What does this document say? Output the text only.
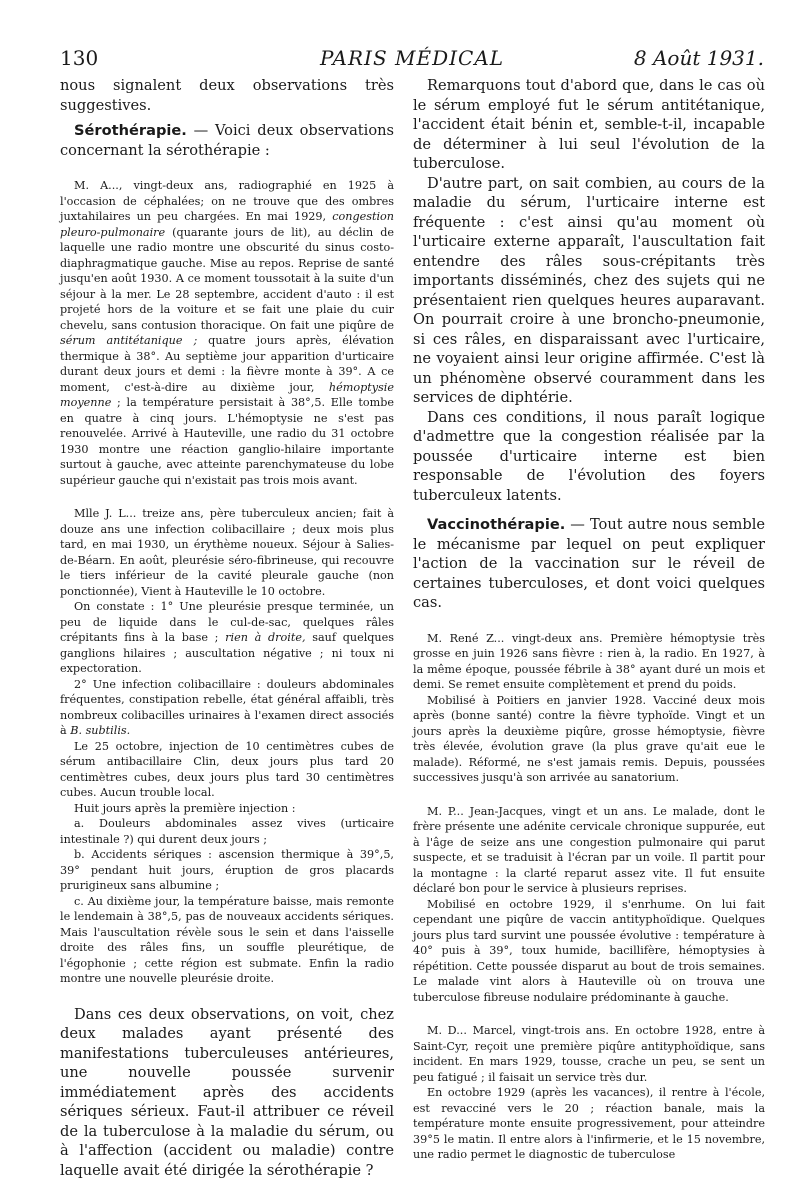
130	PARIS MÉDICAL	8 Août 1931.

nous signalent deux observations très suggestives.

Sérothérapie. — Voici deux observations concernant la sérothérapie :

M. A..., vingt-deux ans, radiographié en 1925 à l'occasion de céphalées; on ne trouve que des ombres juxtahilaires un peu chargées. En mai 1929, congestion pleuro-pulmonaire (quarante jours de lit), au déclin de laquelle une radio montre une obscurité du sinus costo-diaphragmatique gauche. Mise au repos. Reprise de santé jusqu'en août 1930. A ce moment toussotait à la suite d'un séjour à la mer. Le 28 septembre, accident d'auto : il est projeté hors de la voiture et se fait une plaie du cuir chevelu, sans contusion thoracique. On fait une piqûre de sérum antitétanique ; quatre jours après, élévation thermique à 38°. Au septième jour apparition d'urticaire durant deux jours et demi : la fièvre monte à 39°. A ce moment, c'est-à-dire au dixième jour, hémoptysie moyenne ; la température persistait à 38°,5. Elle tombe en quatre à cinq jours. L'hémoptysie ne s'est pas renouvelée. Arrivé à Hauteville, une radio du 31 octobre 1930 montre une réaction ganglio-hilaire importante surtout à gauche, avec atteinte parenchymateuse du lobe supérieur gauche qui n'existait pas trois mois avant.

Mlle J. L... treize ans, père tuberculeux ancien; fait à douze ans une infection colibacillaire ; deux mois plus tard, en mai 1930, un érythème noueux. Séjour à Salies-de-Béarn. En août, pleurésie séro-fibrineuse, qui recouvre le tiers inférieur de la cavité pleurale gauche (non ponctionnée), Vient à Hauteville le 10 octobre.

On constate : 1° Une pleurésie presque terminée, un peu de liquide dans le cul-de-sac, quelques râles crépitants fins à la base ; rien à droite, sauf quelques ganglions hilaires ; auscultation négative ; ni toux ni expectoration.

2° Une infection colibacillaire : douleurs abdominales fréquentes, constipation rebelle, état général affaibli, très nombreux colibacilles urinaires à l'examen direct associés à B. subtilis.

Le 25 octobre, injection de 10 centimètres cubes de sérum antibacillaire Clin, deux jours plus tard 20 centimètres cubes, deux jours plus tard 30 centimètres cubes. Aucun trouble local.

Huit jours après la première injection :

a. Douleurs abdominales assez vives (urticaire intestinale ?) qui durent deux jours ;

b. Accidents sériques : ascension thermique à 39°,5, 39° pendant huit jours, éruption de gros placards prurigineux sans albumine ;

c. Au dixième jour, la température baisse, mais remonte le lendemain à 38°,5, pas de nouveaux accidents sériques. Mais l'auscultation révèle sous le sein et dans l'aisselle droite des râles fins, un souffle pleurétique, de l'égophonie ; cette région est submate. Enfin la radio montre une nouvelle pleurésie droite.

Dans ces deux observations, on voit, chez deux malades ayant présenté des manifestations tuberculeuses antérieures, une nouvelle poussée survenir immédiatement après des accidents sériques sérieux. Faut-il attribuer ce réveil de la tuberculose à la maladie du sérum, ou à l'affection (accident ou maladie) contre laquelle avait été dirigée la sérothérapie ?

Remarquons tout d'abord que, dans le cas où le sérum employé fut le sérum antitétanique, l'accident était bénin et, semble-t-il, incapable de déterminer à lui seul l'évolution de la tuberculose.

D'autre part, on sait combien, au cours de la maladie du sérum, l'urticaire interne est fréquente : c'est ainsi qu'au moment où l'urticaire externe apparaît, l'auscultation fait entendre des râles sous-crépitants très importants disséminés, chez des sujets qui ne présentaient rien quelques heures auparavant. On pourrait croire à une broncho-pneumonie, si ces râles, en disparaissant avec l'urticaire, ne voyaient ainsi leur origine affirmée. C'est là un phénomène observé couramment dans les services de diphtérie.

Dans ces conditions, il nous paraît logique d'admettre que la congestion réalisée par la poussée d'urticaire interne est bien responsable de l'évolution des foyers tuberculeux latents.

Vaccinothérapie. — Tout autre nous semble le mécanisme par lequel on peut expliquer l'action de la vaccination sur le réveil de certaines tuberculoses, et dont voici quelques cas.

M. René Z... vingt-deux ans. Première hémoptysie très grosse en juin 1926 sans fièvre : rien à, la radio. En 1927, à la même époque, poussée fébrile à 38° ayant duré un mois et demi. Se remet ensuite complètement et prend du poids.

Mobilisé à Poitiers en janvier 1928. Vacciné deux mois après (bonne santé) contre la fièvre typhoïde. Vingt et un jours après la deuxième piqûre, grosse hémoptysie, fièvre très élevée, évolution grave (la plus grave qu'ait eue le malade). Réformé, ne s'est jamais remis. Depuis, poussées successives jusqu'à son arrivée au sanatorium.

M. P... Jean-Jacques, vingt et un ans. Le malade, dont le frère présente une adénite cervicale chronique suppurée, eut à l'âge de seize ans une congestion pulmonaire qui parut suspecte, et se traduisit à l'écran par un voile. Il partit pour la montagne : la clarté reparut assez vite. Il fut ensuite déclaré bon pour le service à plusieurs reprises.

Mobilisé en octobre 1929, il s'enrhume. On lui fait cependant une piqûre de vaccin antityphoïdique. Quelques jours plus tard survint une poussée évolutive : température à 40° puis à 39°, toux humide, bacillifère, hémoptysies à répétition. Cette poussée disparut au bout de trois semaines. Le malade vint alors à Hauteville où on trouva une tuberculose fibreuse nodulaire prédominante à gauche.

M. D... Marcel, vingt-trois ans. En octobre 1928, entre à Saint-Cyr, reçoit une première piqûre antityphoïdique, sans incident. En mars 1929, tousse, crache un peu, se sent un peu fatigué ; il faisait un service très dur.

En octobre 1929 (après les vacances), il rentre à l'école, est revacciné vers le 20 ; réaction banale, mais la température monte ensuite progressivement, pour atteindre 39°5 le matin. Il entre alors à l'infirmerie, et le 15 novembre, une radio permet le diagnostic de tuberculose
